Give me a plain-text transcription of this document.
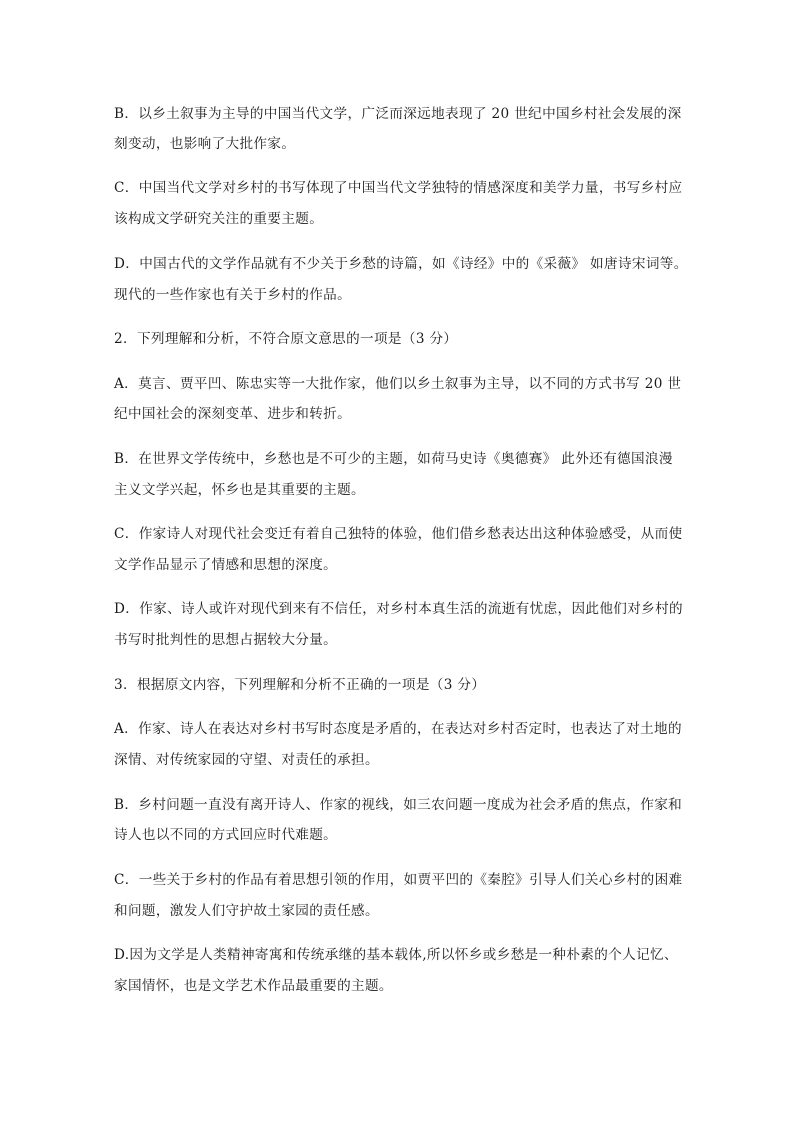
B．以乡土叙事为主导的中国当代文学，广泛而深远地表现了 20 世纪中国乡村社会发展的深
刻变动，也影响了大批作家。
C．中国当代文学对乡村的书写体现了中国当代文学独特的情感深度和美学力量，书写乡村应
该构成文学研究关注的重要主题。
D．中国古代的文学作品就有不少关于乡愁的诗篇，如《诗经》中的《采薇》 如唐诗宋词等。
现代的一些作家也有关于乡村的作品。
2．下列理解和分析，不符合原文意思的一项是（3 分）
A．莫言、贾平凹、陈忠实等一大批作家，他们以乡土叙事为主导，以不同的方式书写 20 世
纪中国社会的深刻变革、进步和转折。
B．在世界文学传统中，乡愁也是不可少的主题，如荷马史诗《奥德赛》 此外还有德国浪漫
主义文学兴起，怀乡也是其重要的主题。
C．作家诗人对现代社会变迁有着自己独特的体验，他们借乡愁表达出这种体验感受，从而使
文学作品显示了情感和思想的深度。
D．作家、诗人或许对现代到来有不信任，对乡村本真生活的流逝有忧虑，因此他们对乡村的
书写时批判性的思想占据较大分量。
3．根据原文内容，下列理解和分析不正确的一项是（3 分）
A．作家、诗人在表达对乡村书写时态度是矛盾的，在表达对乡村否定时，也表达了对土地的
深情、对传统家园的守望、对责任的承担。
B．乡村问题一直没有离开诗人、作家的视线，如三农问题一度成为社会矛盾的焦点，作家和
诗人也以不同的方式回应时代难题。
C．一些关于乡村的作品有着思想引领的作用，如贾平凹的《秦腔》引导人们关心乡村的困难
和问题，激发人们守护故土家园的责任感。
D.因为文学是人类精神寄寓和传统承继的基本载体,所以怀乡或乡愁是一种朴素的个人记忆、
家国情怀，也是文学艺术作品最重要的主题。
